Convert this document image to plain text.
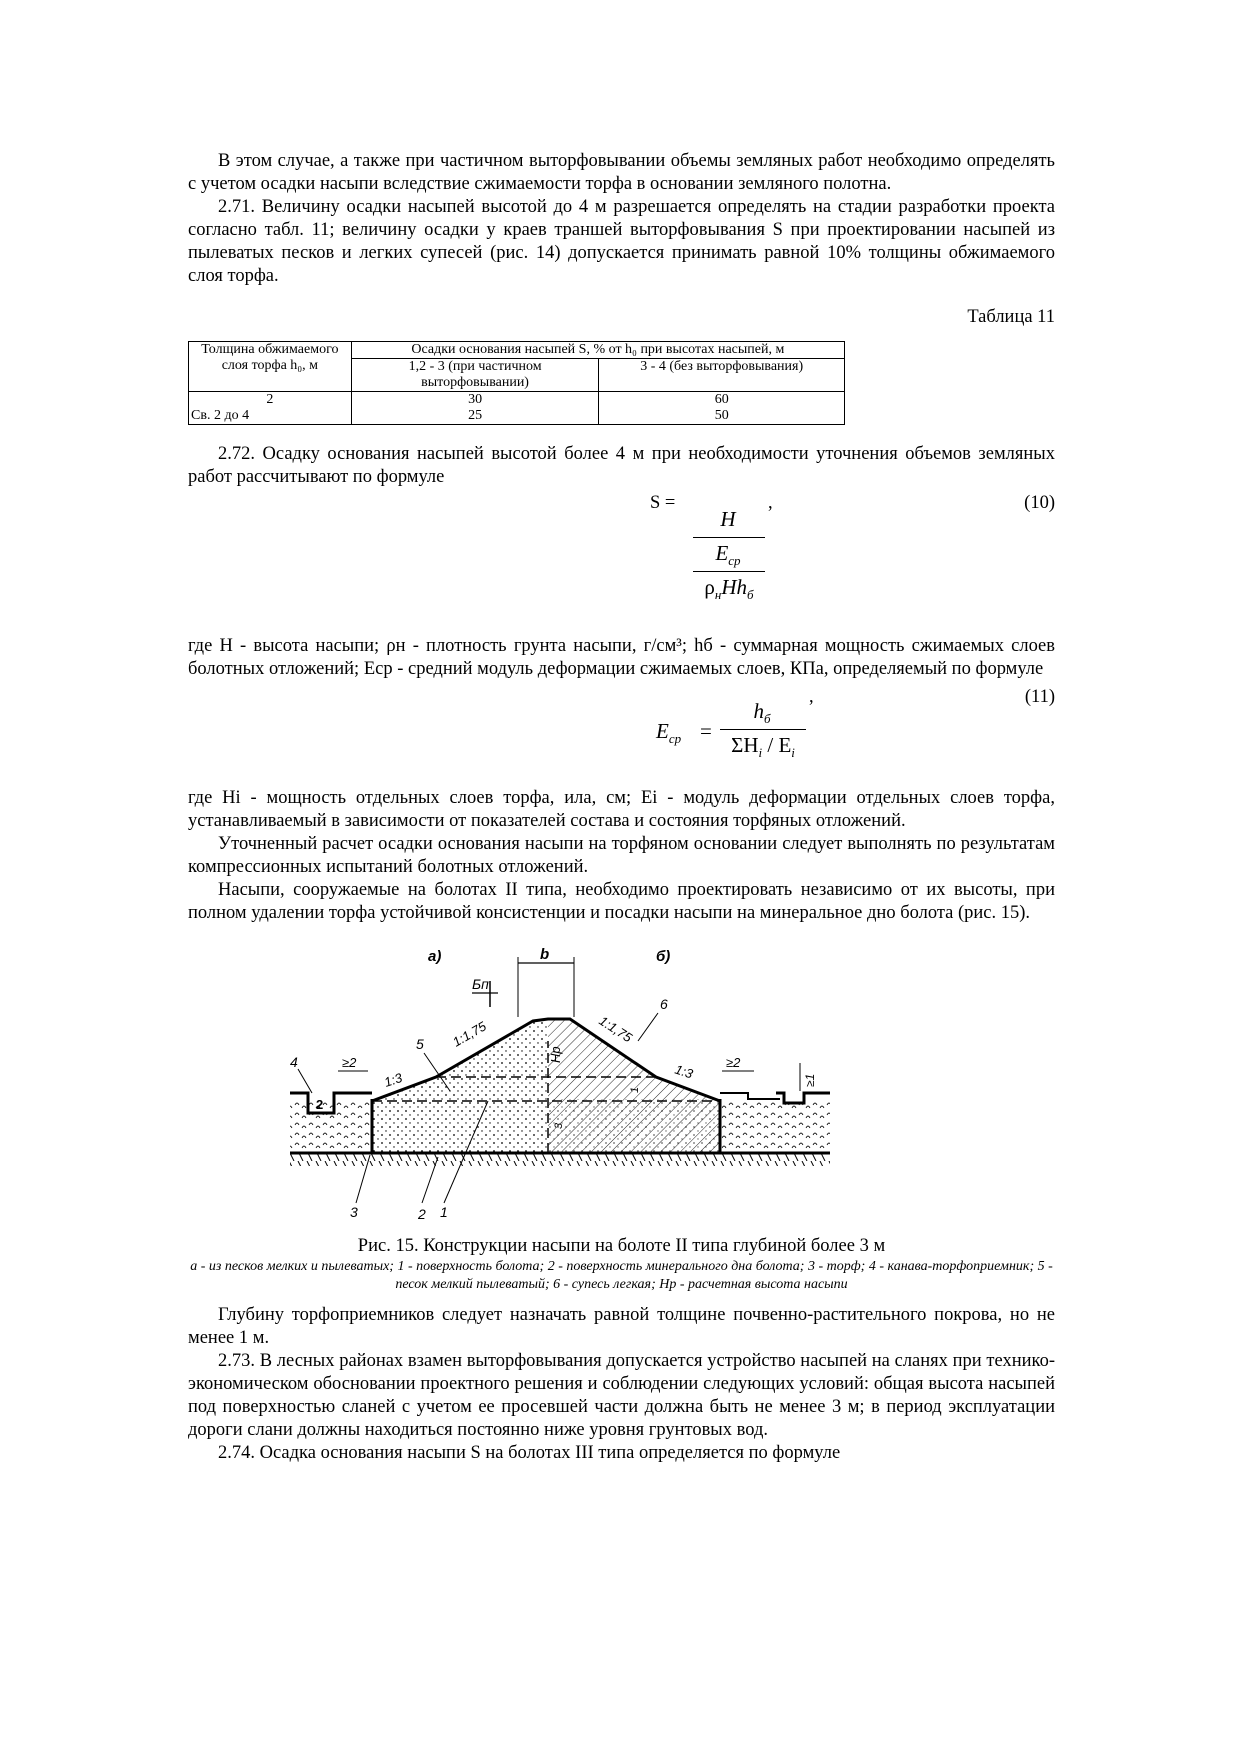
В этом случае, а также при частичном выторфовывании объемы земляных работ необходимо определять с учетом осадки насыпи вследствие сжимаемости торфа в основании земляного полотна.

2.71. Величину осадки насыпей высотой до 4 м разрешается определять на стадии разработки проекта согласно табл. 11; величину осадки у краев траншей выторфовывания S при проектировании насыпей из пылеватых песков и легких супесей (рис. 14) допускается принимать равной 10% толщины обжимаемого слоя торфа.

Таблица 11
Толщина обжимаемого слоя торфа h₀, м	Осадки основания насыпей S, % от h₀ при высотах насыпей, м	
	1,2 - 3 (при частичном выторфовывании)	3 - 4 (без выторфовывания)
2	30	60
Св. 2 до 4	25	50

2.72. Осадку основания насыпей высотой более 4 м при необходимости уточнения объемов земляных работ рассчитывают по формуле

S =	,
H
$E_{ср}$
$\rho_нHh_б$
(10)

где Н - высота насыпи; ρн - плотность грунта насыпи, г/см³; hб - суммарная мощность сжимаемых слоев болотных отложений; Еср - средний модуль деформации сжимаемых слоев, КПа, определяемый по формуле

,
$E_{ср}$ =
$h_б$
$\Sigma H_i / E_i$
(11)

где Нi - мощность отдельных слоев торфа, ила, см; Еi - модуль деформации отдельных слоев торфа, устанавливаемый в зависимости от показателей состава и состояния торфяных отложений.

Уточненный расчет осадки основания насыпи на торфяном основании следует выполнять по результатам компрессионных испытаний болотных отложений.

Насыпи, сооружаемые на болотах II типа, необходимо проектировать независимо от их высоты, при полном удалении торфа устойчивой консистенции и посадки насыпи на минеральное дно болота (рис. 15).

а)	б)
b
Бп
Hp
1:1,75	1:1,75
1:3	1:3
≥2	≥2
≥1
4
5
6
2
1
3
3	2 1
Рис. 15. Конструкции насыпи на болоте II типа глубиной более 3 м
а - из песков мелких и пылеватых; 1 - поверхность болота; 2 - поверхность минерального дна болота; 3 - торф; 4 - канава-торфоприемник; 5 - песок мелкий пылеватый; 6 - супесь легкая; Нр - расчетная высота насыпи

Глубину торфоприемников следует назначать равной толщине почвенно-растительного покрова, но не менее 1 м.

2.73. В лесных районах взамен выторфовывания допускается устройство насыпей на сланях при технико-экономическом обосновании проектного решения и соблюдении следующих условий: общая высота насыпей под поверхностью сланей с учетом ее просевшей части должна быть не менее 3 м; в период эксплуатации дороги слани должны находиться постоянно ниже уровня грунтовых вод.

2.74. Осадка основания насыпи S на болотах III типа определяется по формуле
